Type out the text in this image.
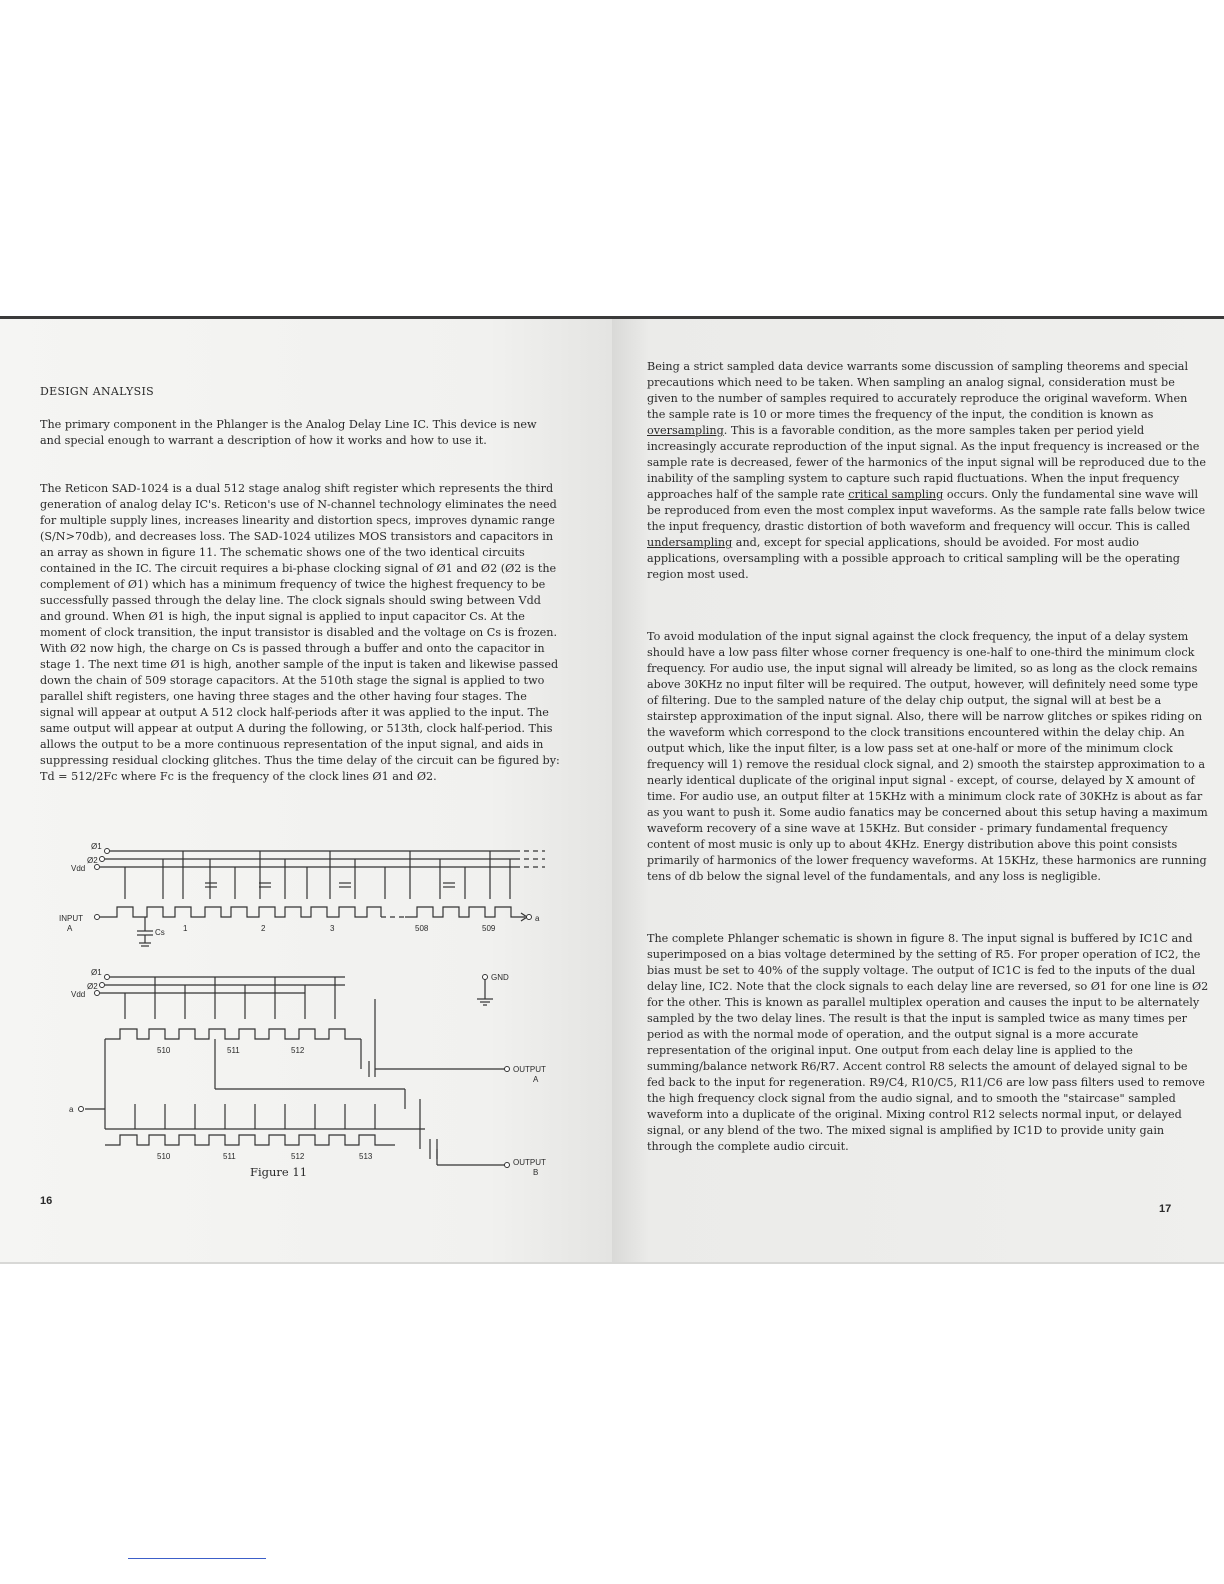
DESIGN ANALYSIS

The primary component in the Phlanger is the Analog Delay Line IC. This device is new and special enough to warrant a description of how it works and how to use it.

The Reticon SAD-1024 is a dual 512 stage analog shift register which represents the third generation of analog delay IC's. Reticon's use of N-channel technology eliminates the need for multiple supply lines, increases linearity and distortion specs, improves dynamic range (S/N>70db), and decreases loss. The SAD-1024 utilizes MOS transistors and capacitors in an array as shown in figure 11. The schematic shows one of the two identical circuits contained in the IC. The circuit requires a bi-phase clocking signal of Ø1 and Ø2 (Ø2 is the complement of Ø1) which has a minimum frequency of twice the highest frequency to be successfully passed through the delay line. The clock signals should swing between Vdd and ground. When Ø1 is high, the input signal is applied to input capacitor Cs. At the moment of clock transition, the input transistor is disabled and the voltage on Cs is frozen. With Ø2 now high, the charge on Cs is passed through a buffer and onto the capacitor in stage 1. The next time Ø1 is high, another sample of the input is taken and likewise passed down the chain of 509 storage capacitors. At the 510th stage the signal is applied to two parallel shift registers, one having three stages and the other having four stages. The signal will appear at output A 512 clock half-periods after it was applied to the input. The same output will appear at output A during the following, or 513th, clock half-period. This allows the output to be a more continuous representation of the input signal, and aids in suppressing residual clocking glitches. Thus the time delay of the circuit can be figured by: Td = 512/2Fc where Fc is the frequency of the clock lines Ø1 and Ø2.

Ø1
Ø2
Vdd
INPUT
A	Cs 1	2	3	508	509
a
Ø1
Ø2
Vdd
GND
510	511	512
OUTPUT
A
a
510	511	512	513
OUTPUT
B

Figure 11

16

Being a strict sampled data device warrants some discussion of sampling theorems and special precautions which need to be taken. When sampling an analog signal, consideration must be given to the number of samples required to accurately reproduce the original waveform. When the sample rate is 10 or more times the frequency of the input, the condition is known as oversampling. This is a favorable condition, as the more samples taken per period yield increasingly accurate reproduction of the input signal. As the input frequency is increased or the sample rate is decreased, fewer of the harmonics of the input signal will be reproduced due to the inability of the sampling system to capture such rapid fluctuations. When the input frequency approaches half of the sample rate critical sampling occurs. Only the fundamental sine wave will be reproduced from even the most complex input waveforms. As the sample rate falls below twice the input frequency, drastic distortion of both waveform and frequency will occur. This is called undersampling and, except for special applications, should be avoided. For most audio applications, oversampling with a possible approach to critical sampling will be the operating region most used.

To avoid modulation of the input signal against the clock frequency, the input of a delay system should have a low pass filter whose corner frequency is one-half to one-third the minimum clock frequency. For audio use, the input signal will already be limited, so as long as the clock remains above 30KHz no input filter will be required. The output, however, will definitely need some type of filtering. Due to the sampled nature of the delay chip output, the signal will at best be a stairstep approximation of the input signal. Also, there will be narrow glitches or spikes riding on the waveform which correspond to the clock transitions encountered within the delay chip. An output which, like the input filter, is a low pass set at one-half or more of the minimum clock frequency will 1) remove the residual clock signal, and 2) smooth the stairstep approximation to a nearly identical duplicate of the original input signal - except, of course, delayed by X amount of time. For audio use, an output filter at 15KHz with a minimum clock rate of 30KHz is about as far as you want to push it. Some audio fanatics may be concerned about this setup having a maximum waveform recovery of a sine wave at 15KHz. But consider - primary fundamental frequency content of most music is only up to about 4KHz. Energy distribution above this point consists primarily of harmonics of the lower frequency waveforms. At 15KHz, these harmonics are running tens of db below the signal level of the fundamentals, and any loss is negligible.

The complete Phlanger schematic is shown in figure 8. The input signal is buffered by IC1C and superimposed on a bias voltage determined by the setting of R5. For proper operation of IC2, the bias must be set to 40% of the supply voltage. The output of IC1C is fed to the inputs of the dual delay line, IC2. Note that the clock signals to each delay line are reversed, so Ø1 for one line is Ø2 for the other. This is known as parallel multiplex operation and causes the input to be alternately sampled by the two delay lines. The result is that the input is sampled twice as many times per period as with the normal mode of operation, and the output signal is a more accurate representation of the original input. One output from each delay line is applied to the summing/balance network R6/R7. Accent control R8 selects the amount of delayed signal to be fed back to the input for regeneration. R9/C4, R10/C5, R11/C6 are low pass filters used to remove the high frequency clock signal from the audio signal, and to smooth the "staircase" sampled waveform into a duplicate of the original. Mixing control R12 selects normal input, or delayed signal, or any blend of the two. The mixed signal is amplified by IC1D to provide unity gain through the complete audio circuit.

17
